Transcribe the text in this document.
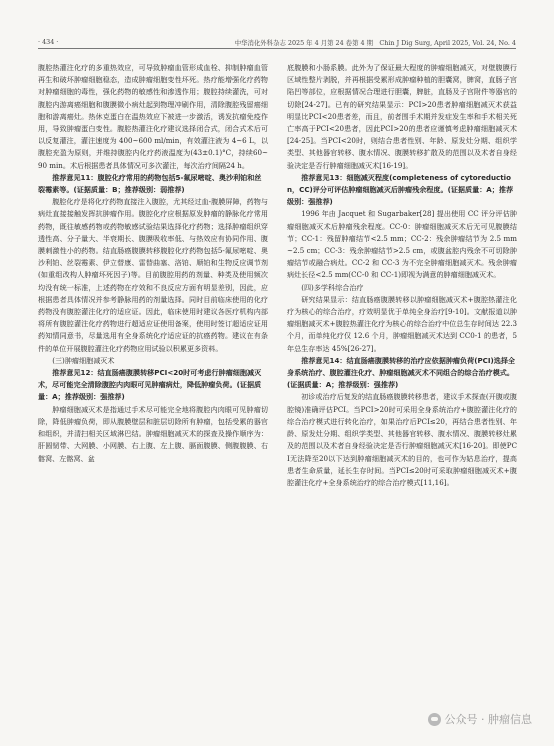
· 434 ·	中华消化外科杂志 2025 年 4 月第 24 卷第 4 期　Chin J Dig Surg, April 2025, Vol. 24, No. 4

腹腔热灌注化疗的多重热效应，可导致肿瘤血管形成血栓、抑制肿瘤血管再生和破坏肿瘤细胞稳态，造成肿瘤细胞变性坏死。热疗能增强化疗药物对肿瘤细胞的毒性，强化药物的敏感性和渗透作用；腹腔持续灌洗，可对腹腔内游离癌细胞和腹膜微小病灶起到物理冲刷作用，清除腹腔残留癌细胞和游离癌灶。热休克蛋白在温热效应下被进一步激活，诱发抗瘤免疫作用，导致肿瘤蛋白变性。腹腔热灌注化疗建议选择闭合式，闭合式术后可以反复灌注，灌注速度为 400~600 ml/min，有效灌注液为 4~6 L，以腹腔充盈为原则，并维持腹腔内化疗药液温度为(43±0.1)°C，持续60~90 min。术后根据患者具体情况可多次灌注，每次治疗间隔24 h。

推荐意见11：腹腔化疗常用的药物包括5-氟尿嘧啶、奥沙利铂和丝裂霉素等。(证据质量：B；推荐级别：弱推荐)

腹腔化疗是将化疗药物直接注入腹腔，尤其经过血-腹膜屏障，药物与病灶直接接触发挥抗肿瘤作用。腹腔化疗应根据原发肿瘤的静脉化疗常用药物，既往敏感药物或药物敏感试验结果选择化疗药物；选择肿瘤组织穿透性高、分子量大、半衰期长、腹膜吸收率低、与热效应有协同作用、腹膜刺激性小的药物。结直肠癌腹膜转移腹腔化疗药物包括5-氟尿嘧啶、奥沙利铂、丝裂霉素、伊立替康、雷替曲塞、洛铂、顺铂和生物反应调节剂(如重组改构人肿瘤坏死因子)等。目前腹腔用药的剂量、种类及使用频次均没有统一标准，上述药物在疗效和不良反应方面有明显差别，因此，应根据患者具体情况并参考静脉用药的剂量选择。同时目前临床使用的化疗药物没有腹腔灌注化疗的适应证。因此，临床使用时建议各医疗机构内部将所有腹腔灌注化疗药物进行超适应证使用备案，使用时签订超适应证用药知情同意书，尽量选用有全身系统化疗适应证的抗癌药物。建议在有条件的单位开展腹腔灌注化疗药物应用试验以积累更多资料。

(三)肿瘤细胞减灭术

推荐意见12：结直肠癌腹膜转移PCI<20时可考虑行肿瘤细胞减灭术，尽可能完全清除腹腔内肉眼可见肿瘤病灶，降低肿瘤负荷。(证据质量：A；推荐级别：强推荐)

肿瘤细胞减灭术是指通过手术尽可能完全地将腹腔内肉眼可见肿瘤切除，降低肿瘤负荷，即从腹膜壁层和脏层切除所有肿瘤，包括受累的器官和组织，并清扫相关区域淋巴结。肿瘤细胞减灭术的探查及操作顺序为：肝圆韧带、大网膜、小网膜、右上腹、左上腹、膈面腹膜、侧腹腹膜、右髂窝、左髂窝、盆

底腹膜和小肠系膜。此外为了保证最大程度的肿瘤细胞减灭，对壁腹膜行区域性整片剥脱，并再根据受累形成肿瘤种植的胆囊窝，脾窝，直肠子宫陷凹等部位，应根据情况合理进行胆囊，脾脏，直肠及子宫附件等器官的切除[24-27]。已有的研究结果显示：PCI>20患者肿瘤细胞减灭术获益明显比PCI<20患者差，而且，前者围手术期并发症发生率和手术相关死亡率高于PCI<20患者，因此PCI>20的患者应谨慎考虑肿瘤细胞减灭术[24-25]。当PCI<20时，则结合患者性别、年龄、原发灶分期、组织学类型、其他器官转移、腹水情况、腹膜转移扩散及的范围以及术者自身经验决定是否行肿瘤细胞减灭术[16-19]。

推荐意见13：细胞减灭程度(completeness of cytoreduction，CC)评分可评估肿瘤细胞减灭后肿瘤残余程度。(证据质量：A；推荐级别：强推荐)

1996 年由 Jacquet 和 Sugarbaker[28] 提出使用 CC 评分评估肿瘤细胞减灭术后肿瘤残余程度。CC-0：肿瘤细胞减灭术后无可见腹膜结节；CC-1：残留肿瘤结节<2.5 mm；CC-2：残余肿瘤结节为 2.5 mm~2.5 cm；CC-3：残余肿瘤结节>2.5 cm，或腹盆腔内残余不可切除肿瘤结节或融合病灶。CC-2 和 CC-3 为不完全肿瘤细胞减灭术。残余肿瘤病灶长径<2.5 mm(CC-0 和 CC-1)即视为满意的肿瘤细胞减灭术。

(四)多学科综合治疗

研究结果显示：结直肠癌腹膜转移以肿瘤细胞减灭术+腹腔热灌注化疗为核心的综合治疗，疗效明显优于单纯全身治疗[9-10]。文献报道以肿瘤细胞减灭术+腹腔热灌注化疗为核心的综合治疗中位总生存时间达 22.3 个月，而单纯化疗仅 12.6 个月，肿瘤细胞减灭术达到 CC0-1 的患者，5 年总生存率达 45%[26-27]。

推荐意见14：结直肠癌腹膜转移的治疗应依据肿瘤负荷(PCI)选择全身系统治疗、腹腔灌注化疗、肿瘤细胞减灭术不同组合的综合治疗模式。(证据质量：A；推荐级别：强推荐)

初诊或治疗后复发的结直肠癌腹膜转移患者，建议手术探查(开腹或腹腔镜)准确评估PCI。当PCI>20时可采用全身系统治疗+腹腔灌注化疗的综合治疗模式进行转化治疗，如果治疗后PCI≤20，再结合患者性别、年龄、原发灶分期、组织学类型、其他器官转移、腹水情况、腹膜转移灶累及的范围以及术者自身经验决定是否行肿瘤细胞减灭术[16-20]。即使PCI无法降至20以下达到肿瘤细胞减灭术的目的，也可作为姑息治疗，提高患者生命质量，延长生存时间。当PCI≤20时可采取肿瘤细胞减灭术+腹腔灌注化疗+全身系统治疗的综合治疗模式[11,16]。

公众号 · 肿瘤信息
